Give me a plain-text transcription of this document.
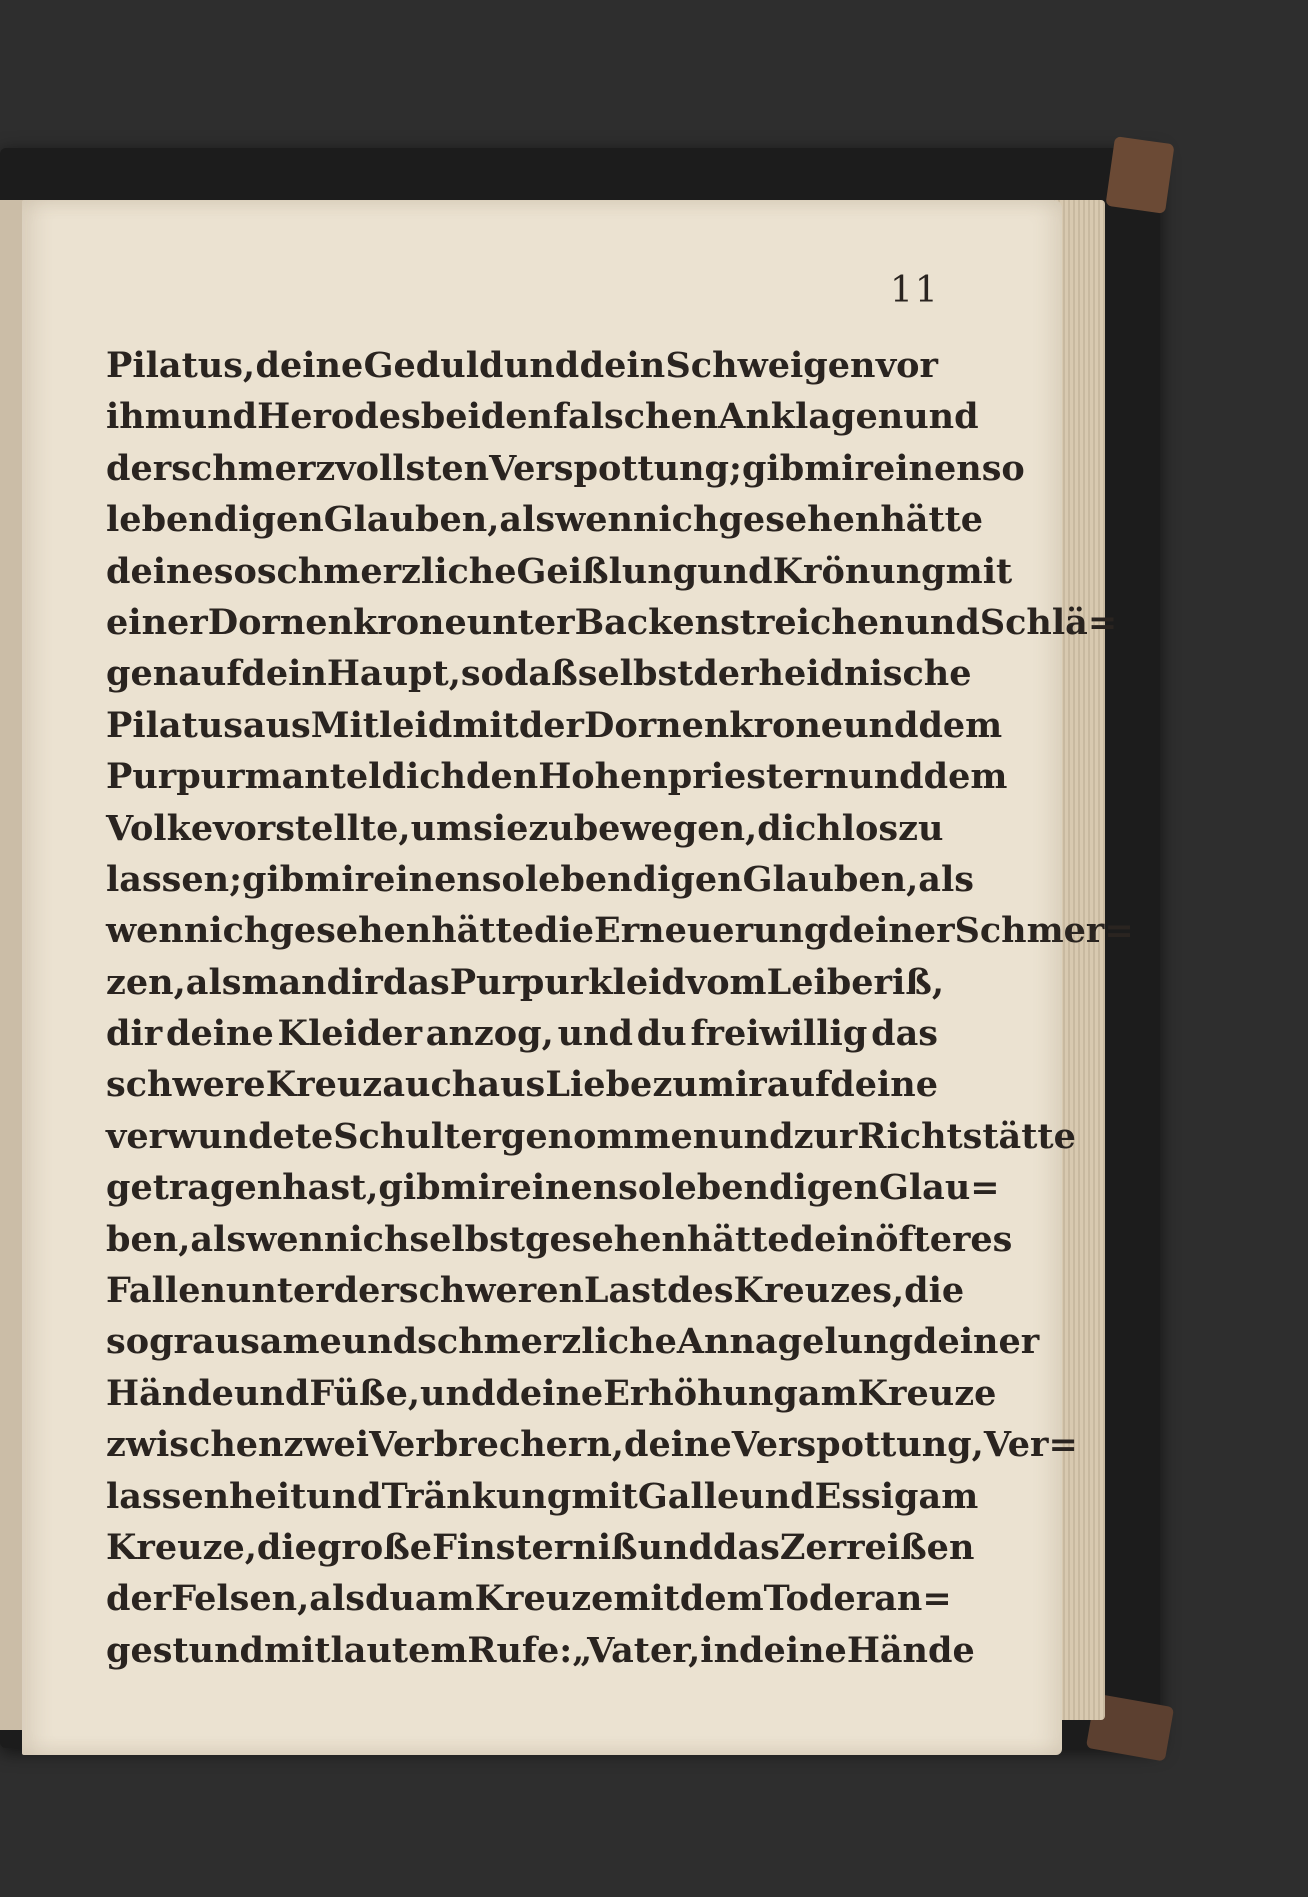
11
Pilatus, deine Geduld und dein Schweigen vor
ihm und Herodes bei den falschen Anklagen und
der schmerzvollsten Verspottung; gib mir einen so
lebendigen Glauben, als wenn ich gesehen hätte
deine so schmerzliche Geißlung und Krönung mit
einer Dornenkrone unter Backenstreichen und Schlä=
gen auf dein Haupt, so daß selbst der heidnische
Pilatus aus Mitleid mit der Dornenkrone und dem
Purpurmantel dich den Hohenpriestern und dem
Volke vorstellte, um sie zu bewegen, dich los zu
lassen; gib mir einen so lebendigen Glauben, als
wenn ich gesehen hätte die Erneuerung deiner Schmer=
zen, als man dir das Purpurkleid vom Leibe riß,
dir deine Kleider anzog, und du freiwillig das
schwere Kreuz auch aus Liebe zu mir auf deine
verwundete Schulter genommen und zur Richtstätte
getragen hast, gib mir einen so lebendigen Glau=
ben, als wenn ich selbst gesehen hätte dein öfteres
Fallen unter der schweren Last des Kreuzes, die
so grausame und schmerzliche Annagelung deiner
Hände und Füße, und deine Erhöhung am Kreuze
zwischen zwei Verbrechern, deine Verspottung, Ver=
lassenheit und Tränkung mit Galle und Essig am
Kreuze, die große Finsterniß und das Zerreißen
der Felsen, als du am Kreuze mit dem Tode ran=
gest und mit lautem Rufe: „Vater, in deine Hände
